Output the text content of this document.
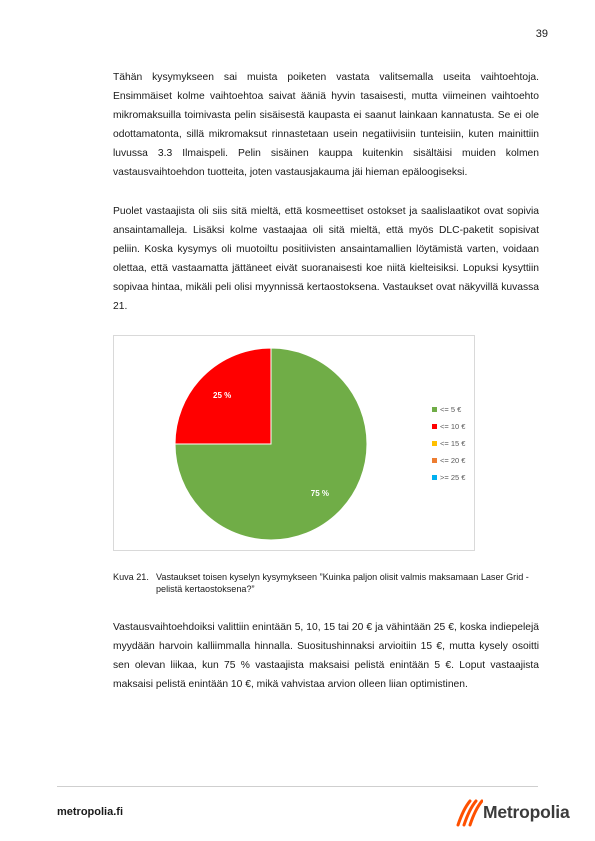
39

Tähän kysymykseen sai muista poiketen vastata valitsemalla useita vaihtoehtoja. Ensimmäiset kolme vaihtoehtoa saivat ääniä hyvin tasaisesti, mutta viimeinen vaihtoehto mikromaksuilla toimivasta pelin sisäisestä kaupasta ei saanut lainkaan kannatusta. Se ei ole odottamatonta, sillä mikromaksut rinnastetaan usein negatiivisiin tunteisiin, kuten mainittiin luvussa 3.3 Ilmaispeli. Pelin sisäinen kauppa kuitenkin sisältäisi muiden kolmen vastausvaihtoehdon tuotteita, joten vastausjakauma jäi hieman epäloogiseksi.

Puolet vastaajista oli siis sitä mieltä, että kosmeettiset ostokset ja saalislaatikot ovat sopivia ansaintamalleja. Lisäksi kolme vastaajaa oli sitä mieltä, että myös DLC-paketit sopisivat peliin. Koska kysymys oli muotoiltu positiivisten ansaintamallien löytämistä varten, voidaan olettaa, että vastaamatta jättäneet eivät suoranaisesti koe niitä kielteisiksi. Lopuksi kysyttiin sopivaa hintaa, mikäli peli olisi myynnissä kertaostoksena. Vastaukset ovat näkyvillä kuvassa 21.

75 %
25 %
<= 5 €
<= 10 €
<= 15 €
<= 20 €
>= 25 €
Kuva 21. Vastaukset toisen kyselyn kysymykseen ”Kuinka paljon olisit valmis maksamaan Laser Grid -pelistä kertaostoksena?”

Vastausvaihtoehdoiksi valittiin enintään 5, 10, 15 tai 20 € ja vähintään 25 €, koska indiepelejä myydään harvoin kalliimmalla hinnalla. Suositushinnaksi arvioitiin 15 €, mutta kysely osoitti sen olevan liikaa, kun 75 % vastaajista maksaisi pelistä enintään 5 €. Loput vastaajista maksaisi pelistä enintään 10 €, mikä vahvistaa arvion olleen liian optimistinen.

metropolia.fi	Metropolia
